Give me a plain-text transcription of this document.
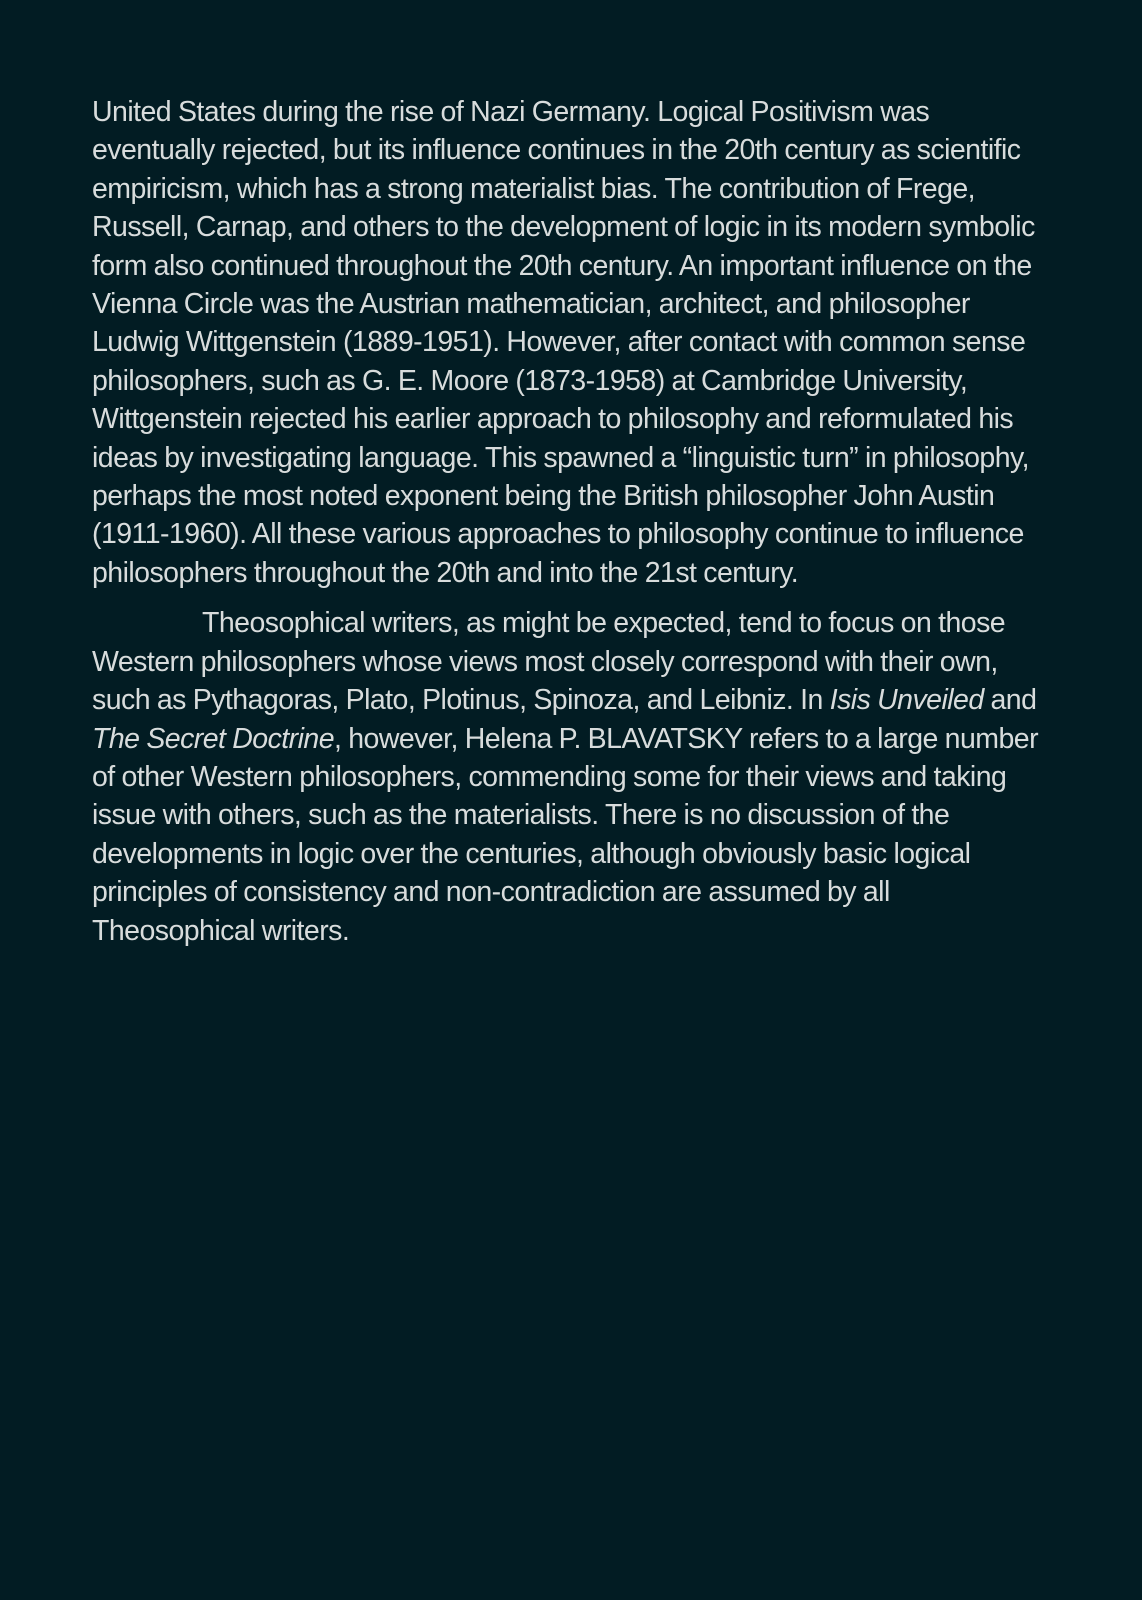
United States during the rise of Nazi Germany. Logical Positivism was
eventually rejected, but its influence continues in the 20th century as scientific
empiricism, which has a strong materialist bias. The contribution of Frege,
Russell, Carnap, and others to the development of logic in its modern symbolic
form also continued throughout the 20th century. An important influence on the
Vienna Circle was the Austrian mathematician, architect, and philosopher
Ludwig Wittgenstein (1889-1951). However, after contact with common sense
philosophers, such as G. E. Moore (1873-1958) at Cambridge University,
Wittgenstein rejected his earlier approach to philosophy and reformulated his
ideas by investigating language. This spawned a “linguistic turn” in philosophy,
perhaps the most noted exponent being the British philosopher John Austin
(1911-1960). All these various approaches to philosophy continue to influence
philosophers throughout the 20th and into the 21st century.

Theosophical writers, as might be expected, tend to focus on those
Western philosophers whose views most closely correspond with their own,
such as Pythagoras, Plato, Plotinus, Spinoza, and Leibniz. In Isis Unveiled and
The Secret Doctrine, however, Helena P. BLAVATSKY refers to a large number
of other Western philosophers, commending some for their views and taking
issue with others, such as the materialists. There is no discussion of the
developments in logic over the centuries, although obviously basic logical
principles of consistency and non-contradiction are assumed by all
Theosophical writers.
